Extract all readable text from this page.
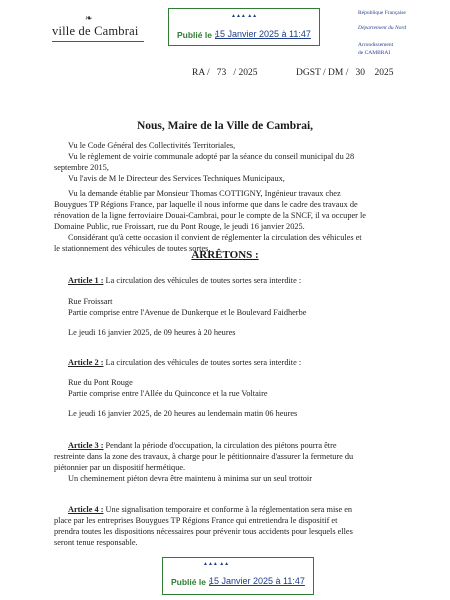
❧
ville de Cambrai
▲▲▲ ▲▲
Publié le :
15 Janvier 2025 à 11:47
République Française
Département du Nord
Arrondissement
de CAMBRAI
RA /   73   / 2025	DGST / DM /   30    2025
Nous, Maire de la Ville de Cambrai,
Vu le Code Général des Collectivités Territoriales,
Vu le règlement de voirie communale adopté par la séance du conseil municipal du 28
septembre 2015,
Vu l'avis de M le Directeur des Services Techniques Municipaux,
Vu la demande établie par Monsieur Thomas COTTIGNY, Ingénieur travaux chez
Bouygues TP Régions France, par laquelle il nous informe que dans le cadre des travaux de
rénovation de la ligne ferroviaire Douai-Cambrai, pour le compte de la SNCF, il va occuper le
Domaine Public, rue Froissart, rue du Pont Rouge, le jeudi 16 janvier 2025.
Considérant qu'à cette occasion il convient de réglementer la circulation des véhicules et
le stationnement des véhicules de toutes sortes.
ARRÊTONS :
Article 1 : La circulation des véhicules de toutes sortes sera interdite :
Rue Froissart
Partie comprise entre l'Avenue de Dunkerque et le Boulevard Faidherbe
Le jeudi 16 janvier 2025, de 09 heures à 20 heures
Article 2 : La circulation des véhicules de toutes sortes sera interdite :
Rue du Pont Rouge
Partie comprise entre l'Allée du Quinconce et la rue Voltaire
Le jeudi 16 janvier 2025, de 20 heures au lendemain matin 06 heures
Article 3 : Pendant la période d'occupation, la circulation des piétons pourra être
restreinte dans la zone des travaux, à charge pour le pétitionnaire d'assurer la fermeture du
piétonnier par un dispositif hermétique.
Un cheminement piéton devra être maintenu à minima sur un seul trottoir
Article 4 : Une signalisation temporaire et conforme à la réglementation sera mise en
place par les entreprises Bouygues TP Régions France qui entretiendra le dispositif et
prendra toutes les dispositions nécessaires pour prévenir tous accidents pour lesquels elles
seront tenue responsable.
▲▲▲ ▲▲
Publié le :
15 Janvier 2025 à 11:47
